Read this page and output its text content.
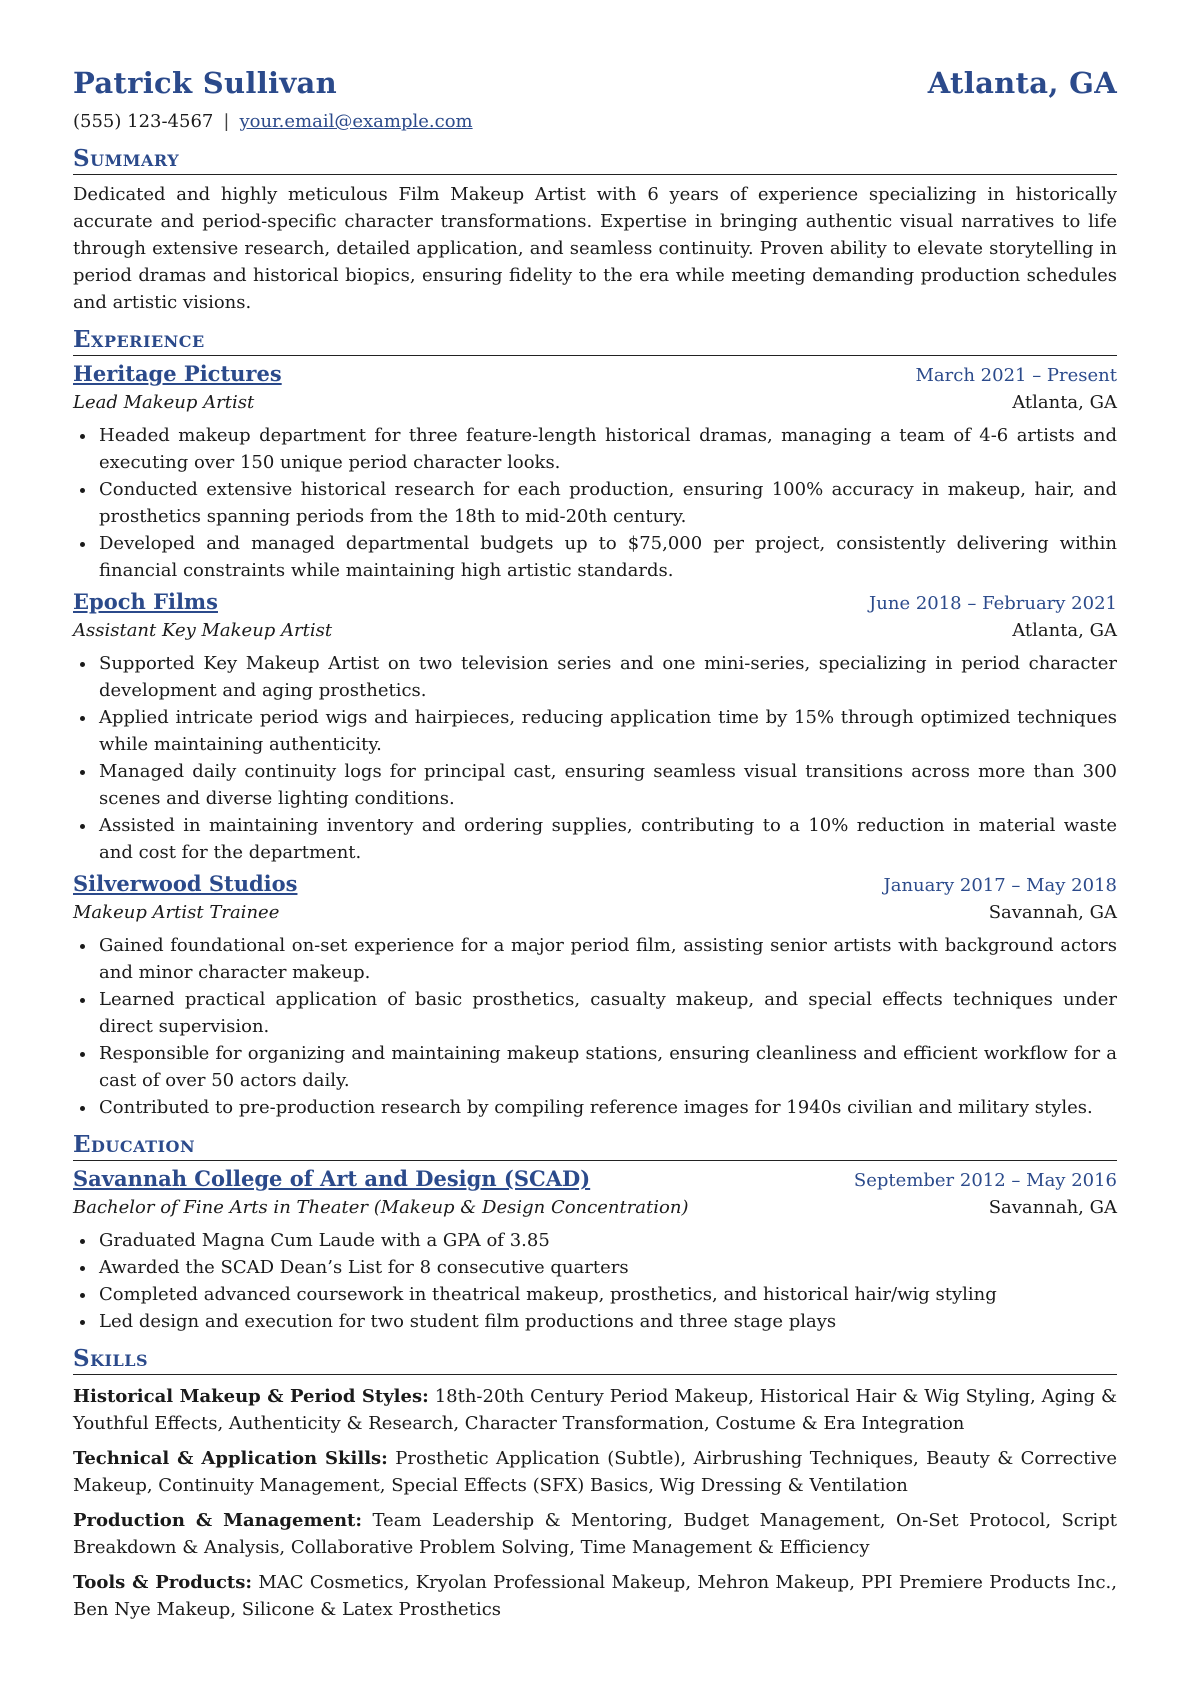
Patrick Sullivan	Atlanta, GA
(555) 123-4567 | your.email@example.com
Summary
Dedicated and highly meticulous Film Makeup Artist with 6 years of experience specializing in historically accurate and period-specific character transformations. Expertise in bringing authentic visual narratives to life through extensive research, detailed application, and seamless continuity. Proven ability to elevate storytelling in period dramas and historical biopics, ensuring fidelity to the era while meeting demanding production schedules and artistic visions.
Experience
Heritage Pictures	March 2021 – Present
Lead Makeup Artist	Atlanta, GA
• Headed makeup department for three feature-length historical dramas, managing a team of 4-6 artists and executing over 150 unique period character looks.
• Conducted extensive historical research for each production, ensuring 100% accuracy in makeup, hair, and prosthetics spanning periods from the 18th to mid-20th century.
• Developed and managed departmental budgets up to $75,000 per project, consistently delivering within financial constraints while maintaining high artistic standards.
Epoch Films	June 2018 – February 2021
Assistant Key Makeup Artist	Atlanta, GA
• Supported Key Makeup Artist on two television series and one mini-series, specializing in period character development and aging prosthetics.
• Applied intricate period wigs and hairpieces, reducing application time by 15% through optimized techniques while maintaining authenticity.
• Managed daily continuity logs for principal cast, ensuring seamless visual transitions across more than 300 scenes and diverse lighting conditions.
• Assisted in maintaining inventory and ordering supplies, contributing to a 10% reduction in material waste and cost for the department.
Silverwood Studios	January 2017 – May 2018
Makeup Artist Trainee	Savannah, GA
• Gained foundational on-set experience for a major period film, assisting senior artists with background actors and minor character makeup.
• Learned practical application of basic prosthetics, casualty makeup, and special effects techniques under direct supervision.
• Responsible for organizing and maintaining makeup stations, ensuring cleanliness and efficient workflow for a cast of over 50 actors daily.
• Contributed to pre-production research by compiling reference images for 1940s civilian and military styles.
Education
Savannah College of Art and Design (SCAD)	September 2012 – May 2016
Bachelor of Fine Arts in Theater (Makeup & Design Concentration)	Savannah, GA
• Graduated Magna Cum Laude with a GPA of 3.85
• Awarded the SCAD Dean’s List for 8 consecutive quarters
• Completed advanced coursework in theatrical makeup, prosthetics, and historical hair/wig styling
• Led design and execution for two student film productions and three stage plays
Skills
Historical Makeup & Period Styles: 18th-20th Century Period Makeup, Historical Hair & Wig Styling, Aging & Youthful Effects, Authenticity & Research, Character Transformation, Costume & Era Integration
Technical & Application Skills: Prosthetic Application (Subtle), Airbrushing Techniques, Beauty & Corrective Makeup, Continuity Management, Special Effects (SFX) Basics, Wig Dressing & Ventilation
Production & Management: Team Leadership & Mentoring, Budget Management, On-Set Protocol, Script Breakdown & Analysis, Collaborative Problem Solving, Time Management & Efficiency
Tools & Products: MAC Cosmetics, Kryolan Professional Makeup, Mehron Makeup, PPI Premiere Products Inc., Ben Nye Makeup, Silicone & Latex Prosthetics
